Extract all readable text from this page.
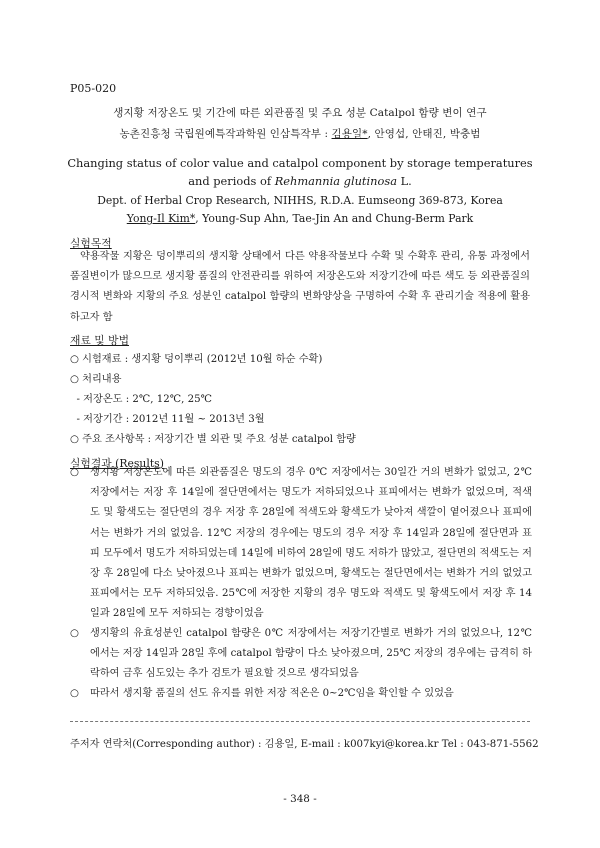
P05-020
생지황 저장온도 및 기간에 따른 외관품질 및 주요 성분 Catalpol 함량 변이 연구
농촌진흥청 국립원예특작과학원 인삼특작부 : 김용일*, 안영섭, 안태진, 박충범
Changing status of color value and catalpol component by storage temperatures
and periods of Rehmannia glutinosa L.
Dept. of Herbal Crop Research, NIHHS, R.D.A. Eumseong 369-873, Korea
Yong-Il Kim*, Young-Sup Ahn, Tae-Jin An and Chung-Berm Park
실험목적
약용작물 지황은 덩이뿌리의 생지황 상태에서 다른 약용작물보다 수확 및 수확후 관리, 유통 과정에서 품질변이가 많으므로 생지황 품질의 안전관리를 위하여 저장온도와 저장기간에 따른 색도 등 외관품질의 경시적 변화와 지황의 주요 성분인 catalpol 함량의 변화양상을 구명하여 수확 후 관리기술 적용에 활용하고자 함
재료 및 방법
○ 시험재료 : 생지황 덩이뿌리 (2012년 10월 하순 수확)
○ 처리내용
- 저장온도 : 2℃, 12℃, 25℃
- 저장기간 : 2012년 11월 ~ 2013년 3월
○ 주요 조사항목 : 저장기간 별 외관 및 주요 성분 catalpol 함량
실험결과 (Results)
○ 생지황 저장온도에 따른 외관품질은 명도의 경우 0℃ 저장에서는 30일간 거의 변화가 없었고, 2℃ 저장에서는 저장 후 14일에 절단면에서는 명도가 저하되었으나 표피에서는 변화가 없었으며, 적색도 및 황색도는 절단면의 경우 저장 후 28일에 적색도와 황색도가 낮아져 색깔이 옅어졌으나 표피에서는 변화가 거의 없었음. 12℃ 저장의 경우에는 명도의 경우 저장 후 14일과 28일에 절단면과 표피 모두에서 명도가 저하되었는데 14일에 비하여 28일에 명도 저하가 많았고, 절단면의 적색도는 저장 후 28일에 다소 낮아졌으나 표피는 변화가 없었으며, 황색도는 절단면에서는 변화가 거의 없었고 표피에서는 모두 저하되었음. 25℃에 저장한 지황의 경우 명도와 적색도 및 황색도에서 저장 후 14일과 28일에 모두 저하되는 경향이었음
○ 생지황의 유효성분인 catalpol 함량은 0℃ 저장에서는 저장기간별로 변화가 거의 없었으나, 12℃에서는 저장 14일과 28일 후에 catalpol 함량이 다소 낮아졌으며, 25℃ 저장의 경우에는 급격히 하락하여 금후 심도있는 추가 검토가 필요할 것으로 생각되었음
○ 따라서 생지황 품질의 선도 유지를 위한 저장 적온은 0~2℃임을 확인할 수 있었음
주저자 연락처(Corresponding author) : 김용일, E-mail : k007kyi@korea.kr Tel : 043-871-5562
- 348 -
